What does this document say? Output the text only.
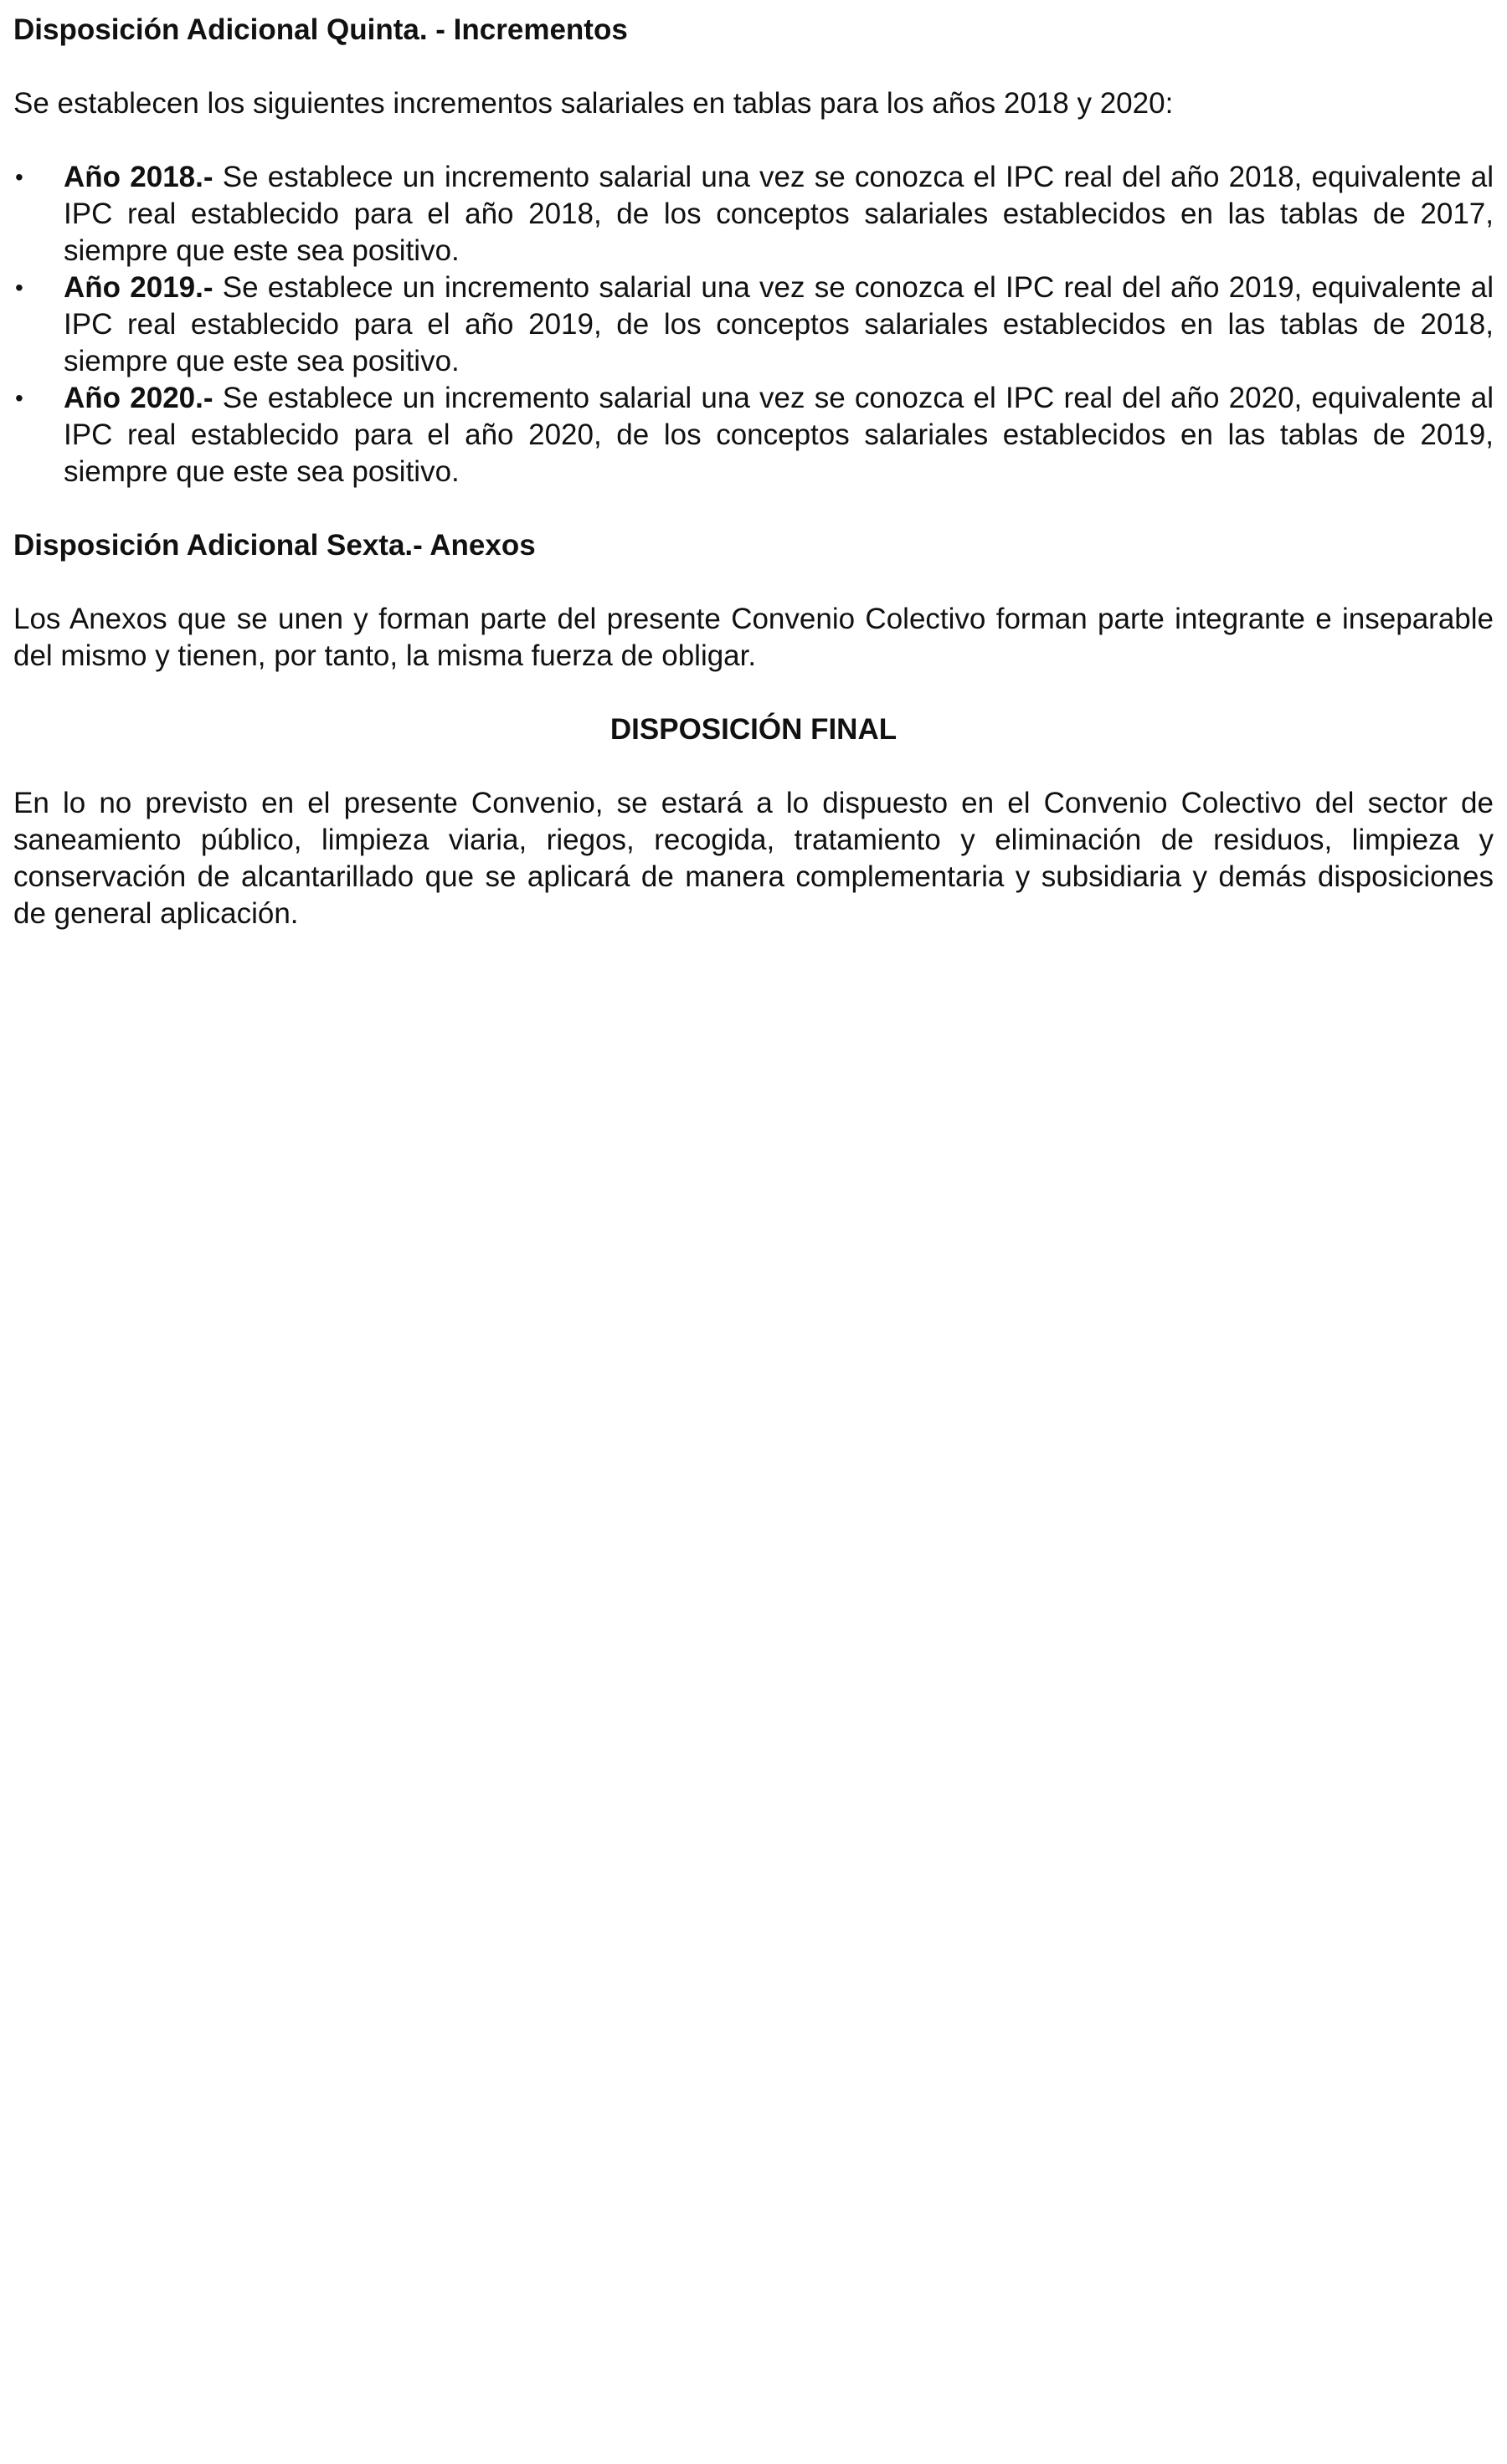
Disposición Adicional Quinta. - Incrementos

Se establecen los siguientes incrementos salariales en tablas para los años 2018 y 2020:

•	Año 2018.- Se establece un incremento salarial una vez se conozca el IPC real del año 2018, equivalente al IPC real establecido para el año 2018, de los conceptos salariales establecidos en las tablas de 2017, siempre que este sea positivo.
•	Año 2019.- Se establece un incremento salarial una vez se conozca el IPC real del año 2019, equivalente al IPC real establecido para el año 2019, de los conceptos salariales establecidos en las tablas de 2018, siempre que este sea positivo.
•	Año 2020.- Se establece un incremento salarial una vez se conozca el IPC real del año 2020, equivalente al IPC real establecido para el año 2020, de los conceptos salariales establecidos en las tablas de 2019, siempre que este sea positivo.

Disposición Adicional Sexta.- Anexos

Los Anexos que se unen y forman parte del presente Convenio Colectivo forman parte integrante e inseparable del mismo y tienen, por tanto, la misma fuerza de obligar.

DISPOSICIÓN FINAL

En lo no previsto en el presente Convenio, se estará a lo dispuesto en el Convenio Colectivo del sector de saneamiento público, limpieza viaria, riegos, recogida, tratamiento y eliminación de residuos, limpieza y conservación de alcantarillado que se aplicará de manera complementaria y subsidiaria y demás disposiciones de general aplicación.
